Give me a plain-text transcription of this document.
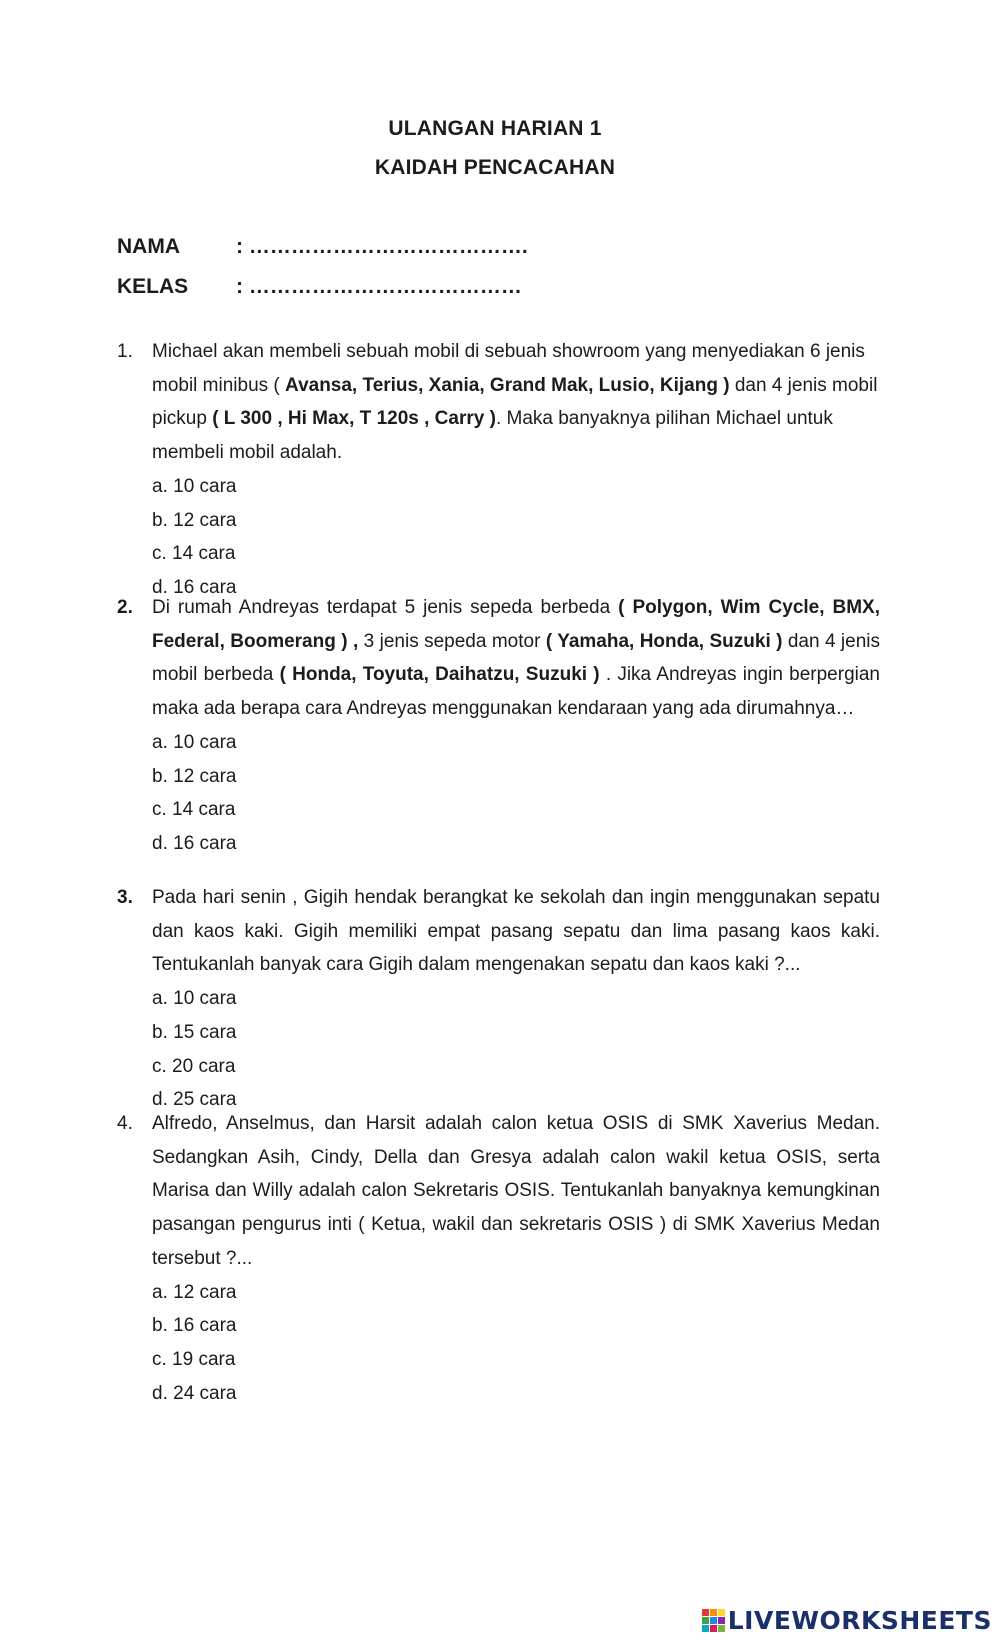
ULANGAN HARIAN 1
KAIDAH PENCACAHAN
NAMA	: ………………………………….
KELAS : …………………………………
1. Michael akan membeli sebuah mobil di sebuah showroom yang menyediakan 6 jenis mobil minibus ( Avansa, Terius, Xania, Grand Mak, Lusio, Kijang ) dan 4 jenis mobil pickup ( L 300 , Hi Max, T 120s , Carry ). Maka banyaknya pilihan Michael untuk membeli mobil adalah.
a. 10 cara
b. 12 cara
c. 14 cara
d. 16 cara
2. Di rumah Andreyas terdapat 5 jenis sepeda berbeda ( Polygon, Wim Cycle, BMX, Federal, Boomerang ) , 3 jenis sepeda motor ( Yamaha, Honda, Suzuki ) dan 4 jenis mobil berbeda ( Honda, Toyuta, Daihatzu, Suzuki ) . Jika Andreyas ingin berpergian maka ada berapa cara Andreyas menggunakan kendaraan yang ada dirumahnya…
a. 10 cara
b. 12 cara
c. 14 cara
d. 16 cara
3. Pada hari senin , Gigih hendak berangkat ke sekolah dan ingin menggunakan sepatu dan kaos kaki. Gigih memiliki empat pasang sepatu dan lima pasang kaos kaki. Tentukanlah banyak cara Gigih dalam mengenakan sepatu dan kaos kaki ?...
a. 10 cara
b. 15 cara
c. 20 cara
d. 25 cara
4. Alfredo, Anselmus, dan Harsit adalah calon ketua OSIS di SMK Xaverius Medan. Sedangkan Asih, Cindy, Della dan Gresya adalah calon wakil ketua OSIS, serta Marisa dan Willy adalah calon Sekretaris OSIS. Tentukanlah banyaknya kemungkinan pasangan pengurus inti ( Ketua, wakil dan sekretaris OSIS ) di SMK Xaverius Medan tersebut ?...
a. 12 cara
b. 16 cara
c. 19 cara
d. 24 cara
LIVEWORKSHEETS
